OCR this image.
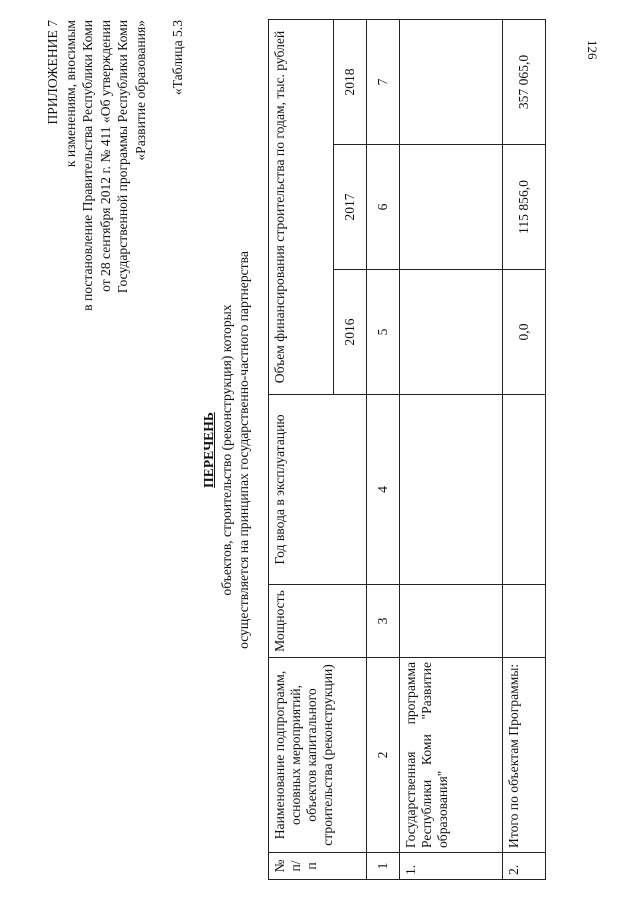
126
ПРИЛОЖЕНИЕ 7 к изменениям, вносимым в постановление Правительства Республики Коми от 28 сентября 2012 г. № 411 «Об утверждении Государственной программы Республики Коми «Развитие образования» «Таблица 5.3
ПЕРЕЧЕНЬ объектов, строительство (реконструкция) которых осуществляется на принципах государственно-частного партнерства
№ п/п	Наименование подпрограмм, основных мероприятий, объектов капитального строительства (реконструкции)	Мощность	Год ввода в эксплуатацию	Объем финансирования строительства по годам, тыс. рублей		
				2016	2017	2018
1	2	3	4	5	6	7
1.	Государственная программа Республики Коми "Развитие образования"					
2.	Итого по объектам Программы:			0,0	115 856,0	357 065,0
